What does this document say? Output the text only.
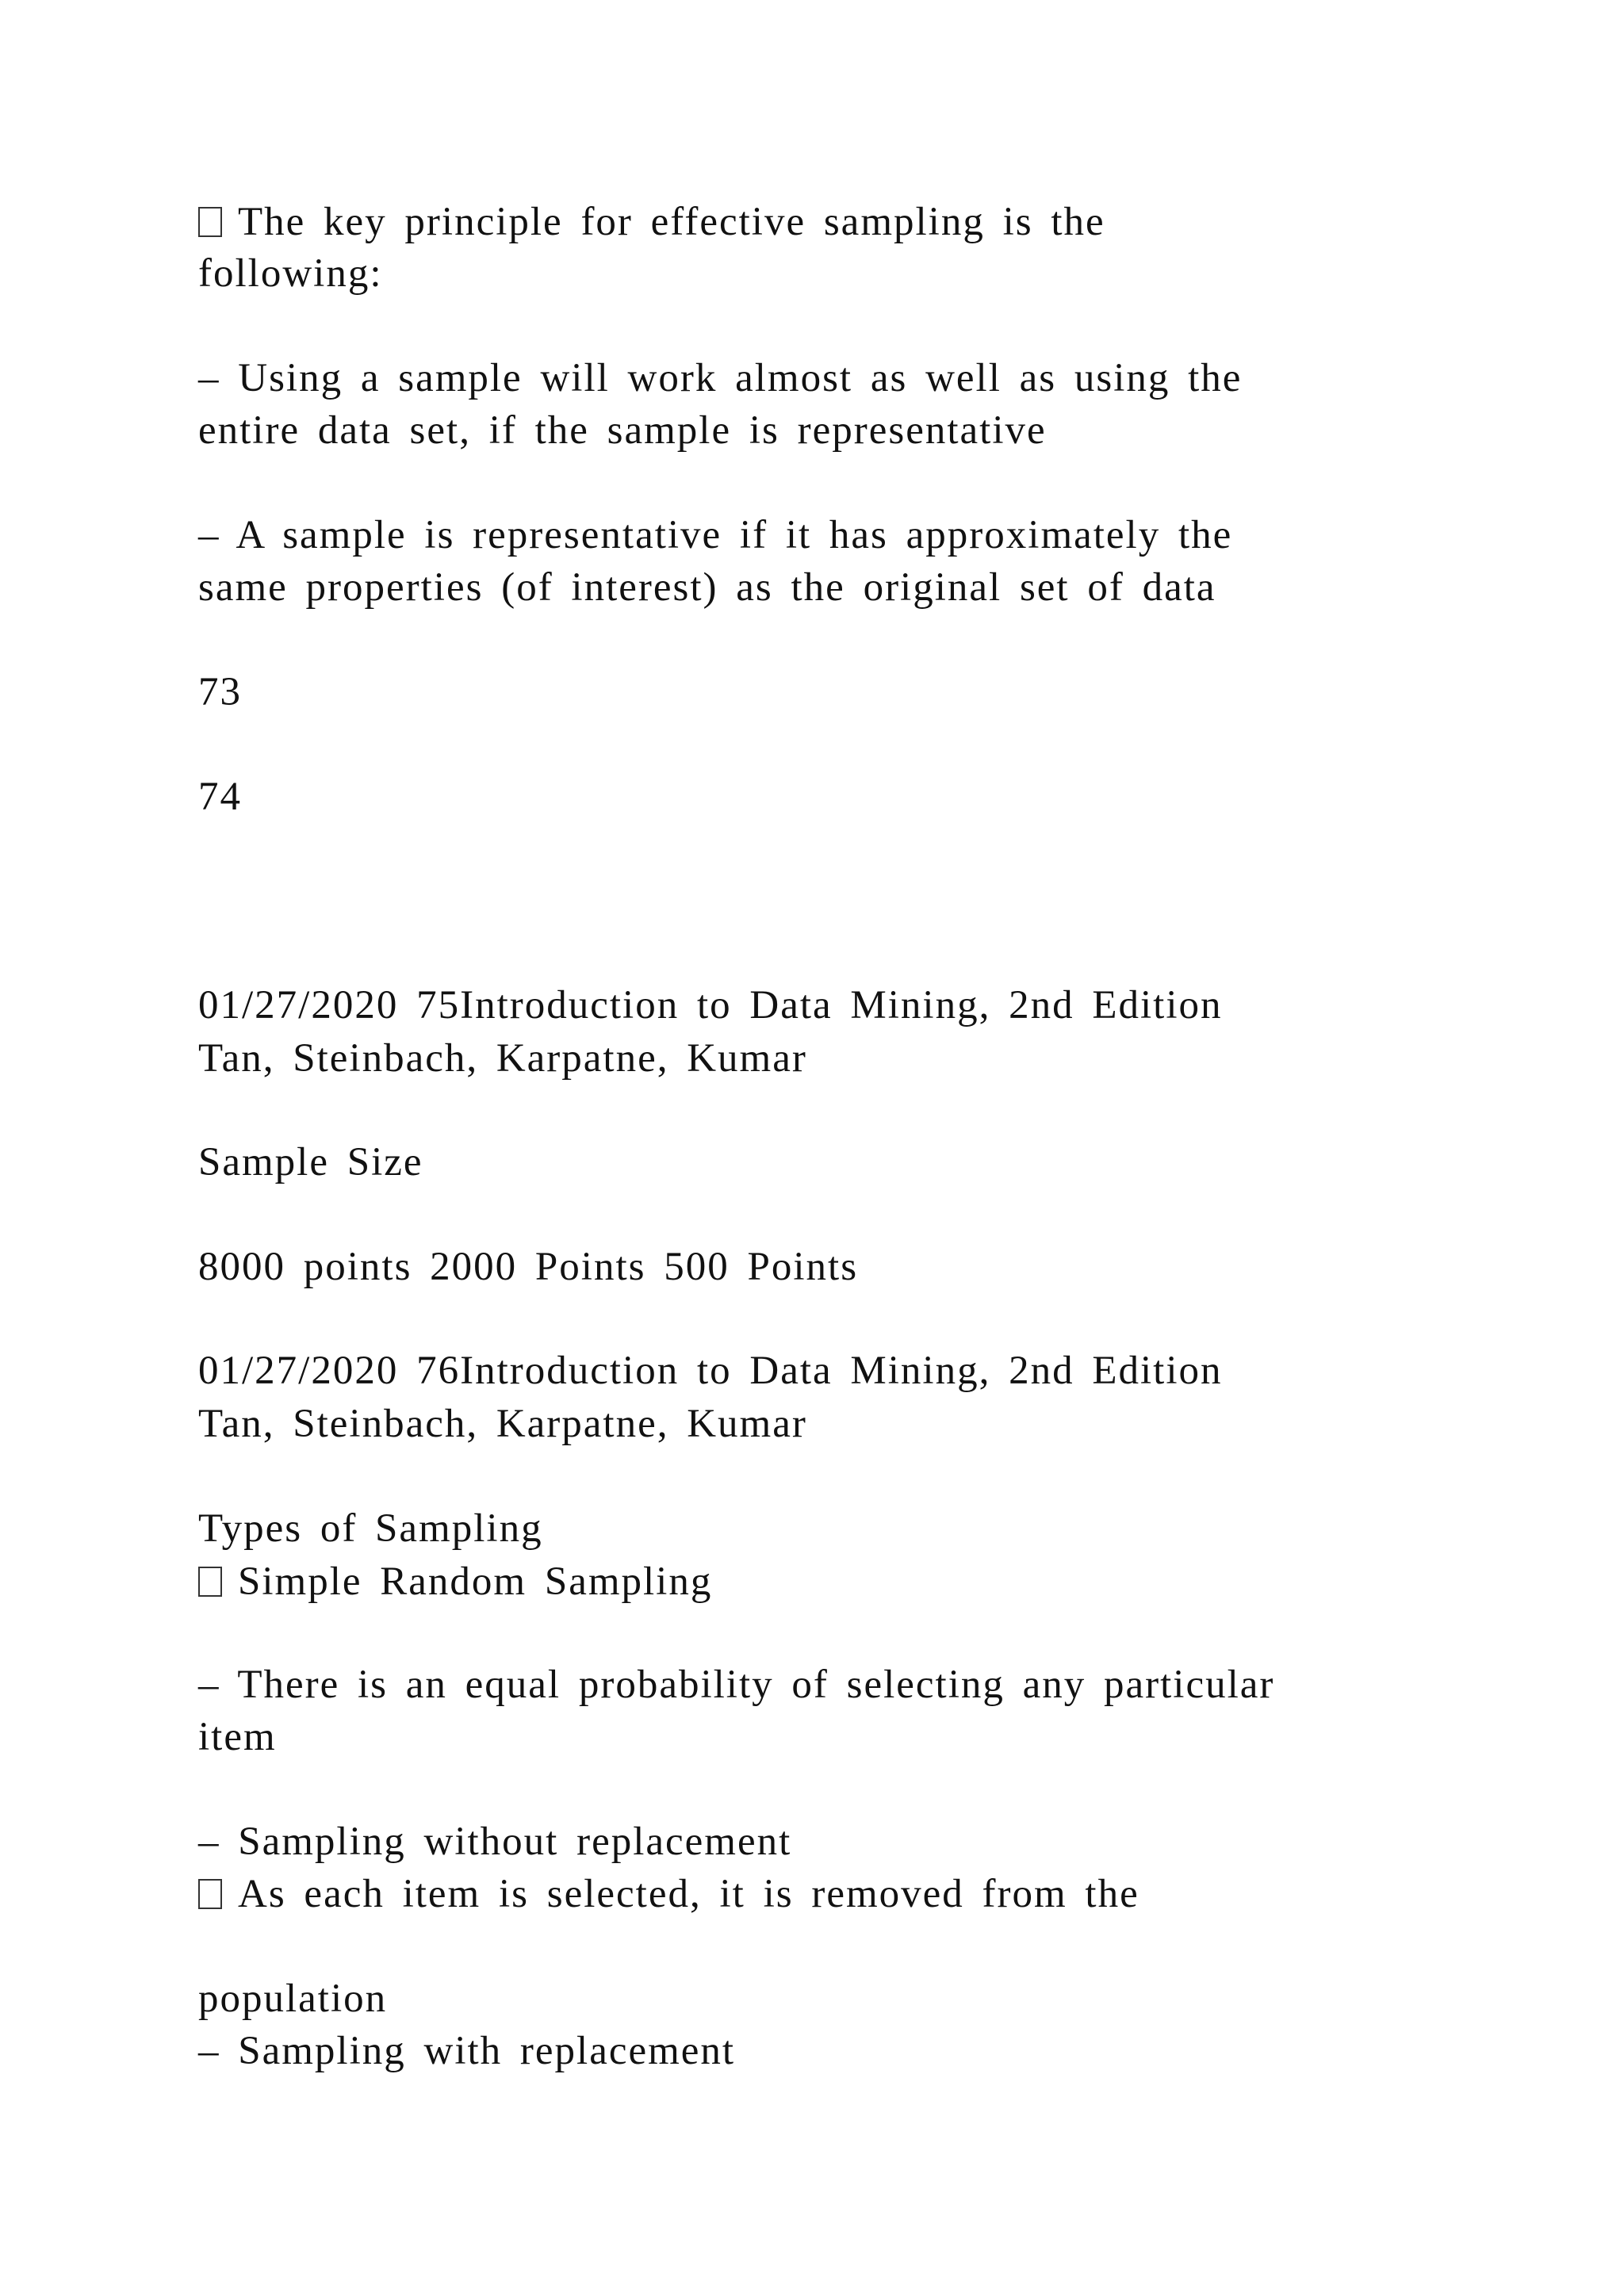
The key principle for effective sampling is the
following:
– Using a sample will work almost as well as using the
entire data set, if the sample is representative
– A sample is representative if it has approximately the
same properties (of interest) as the original set of data
73
74
01/27/2020 75Introduction to Data Mining, 2nd Edition
Tan, Steinbach, Karpatne, Kumar
Sample Size
8000 points 2000 Points 500 Points
01/27/2020 76Introduction to Data Mining, 2nd Edition
Tan, Steinbach, Karpatne, Kumar
Types of Sampling
Simple Random Sampling
– There is an equal probability of selecting any particular
item
– Sampling without replacement
As each item is selected, it is removed from the
population
– Sampling with replacement
